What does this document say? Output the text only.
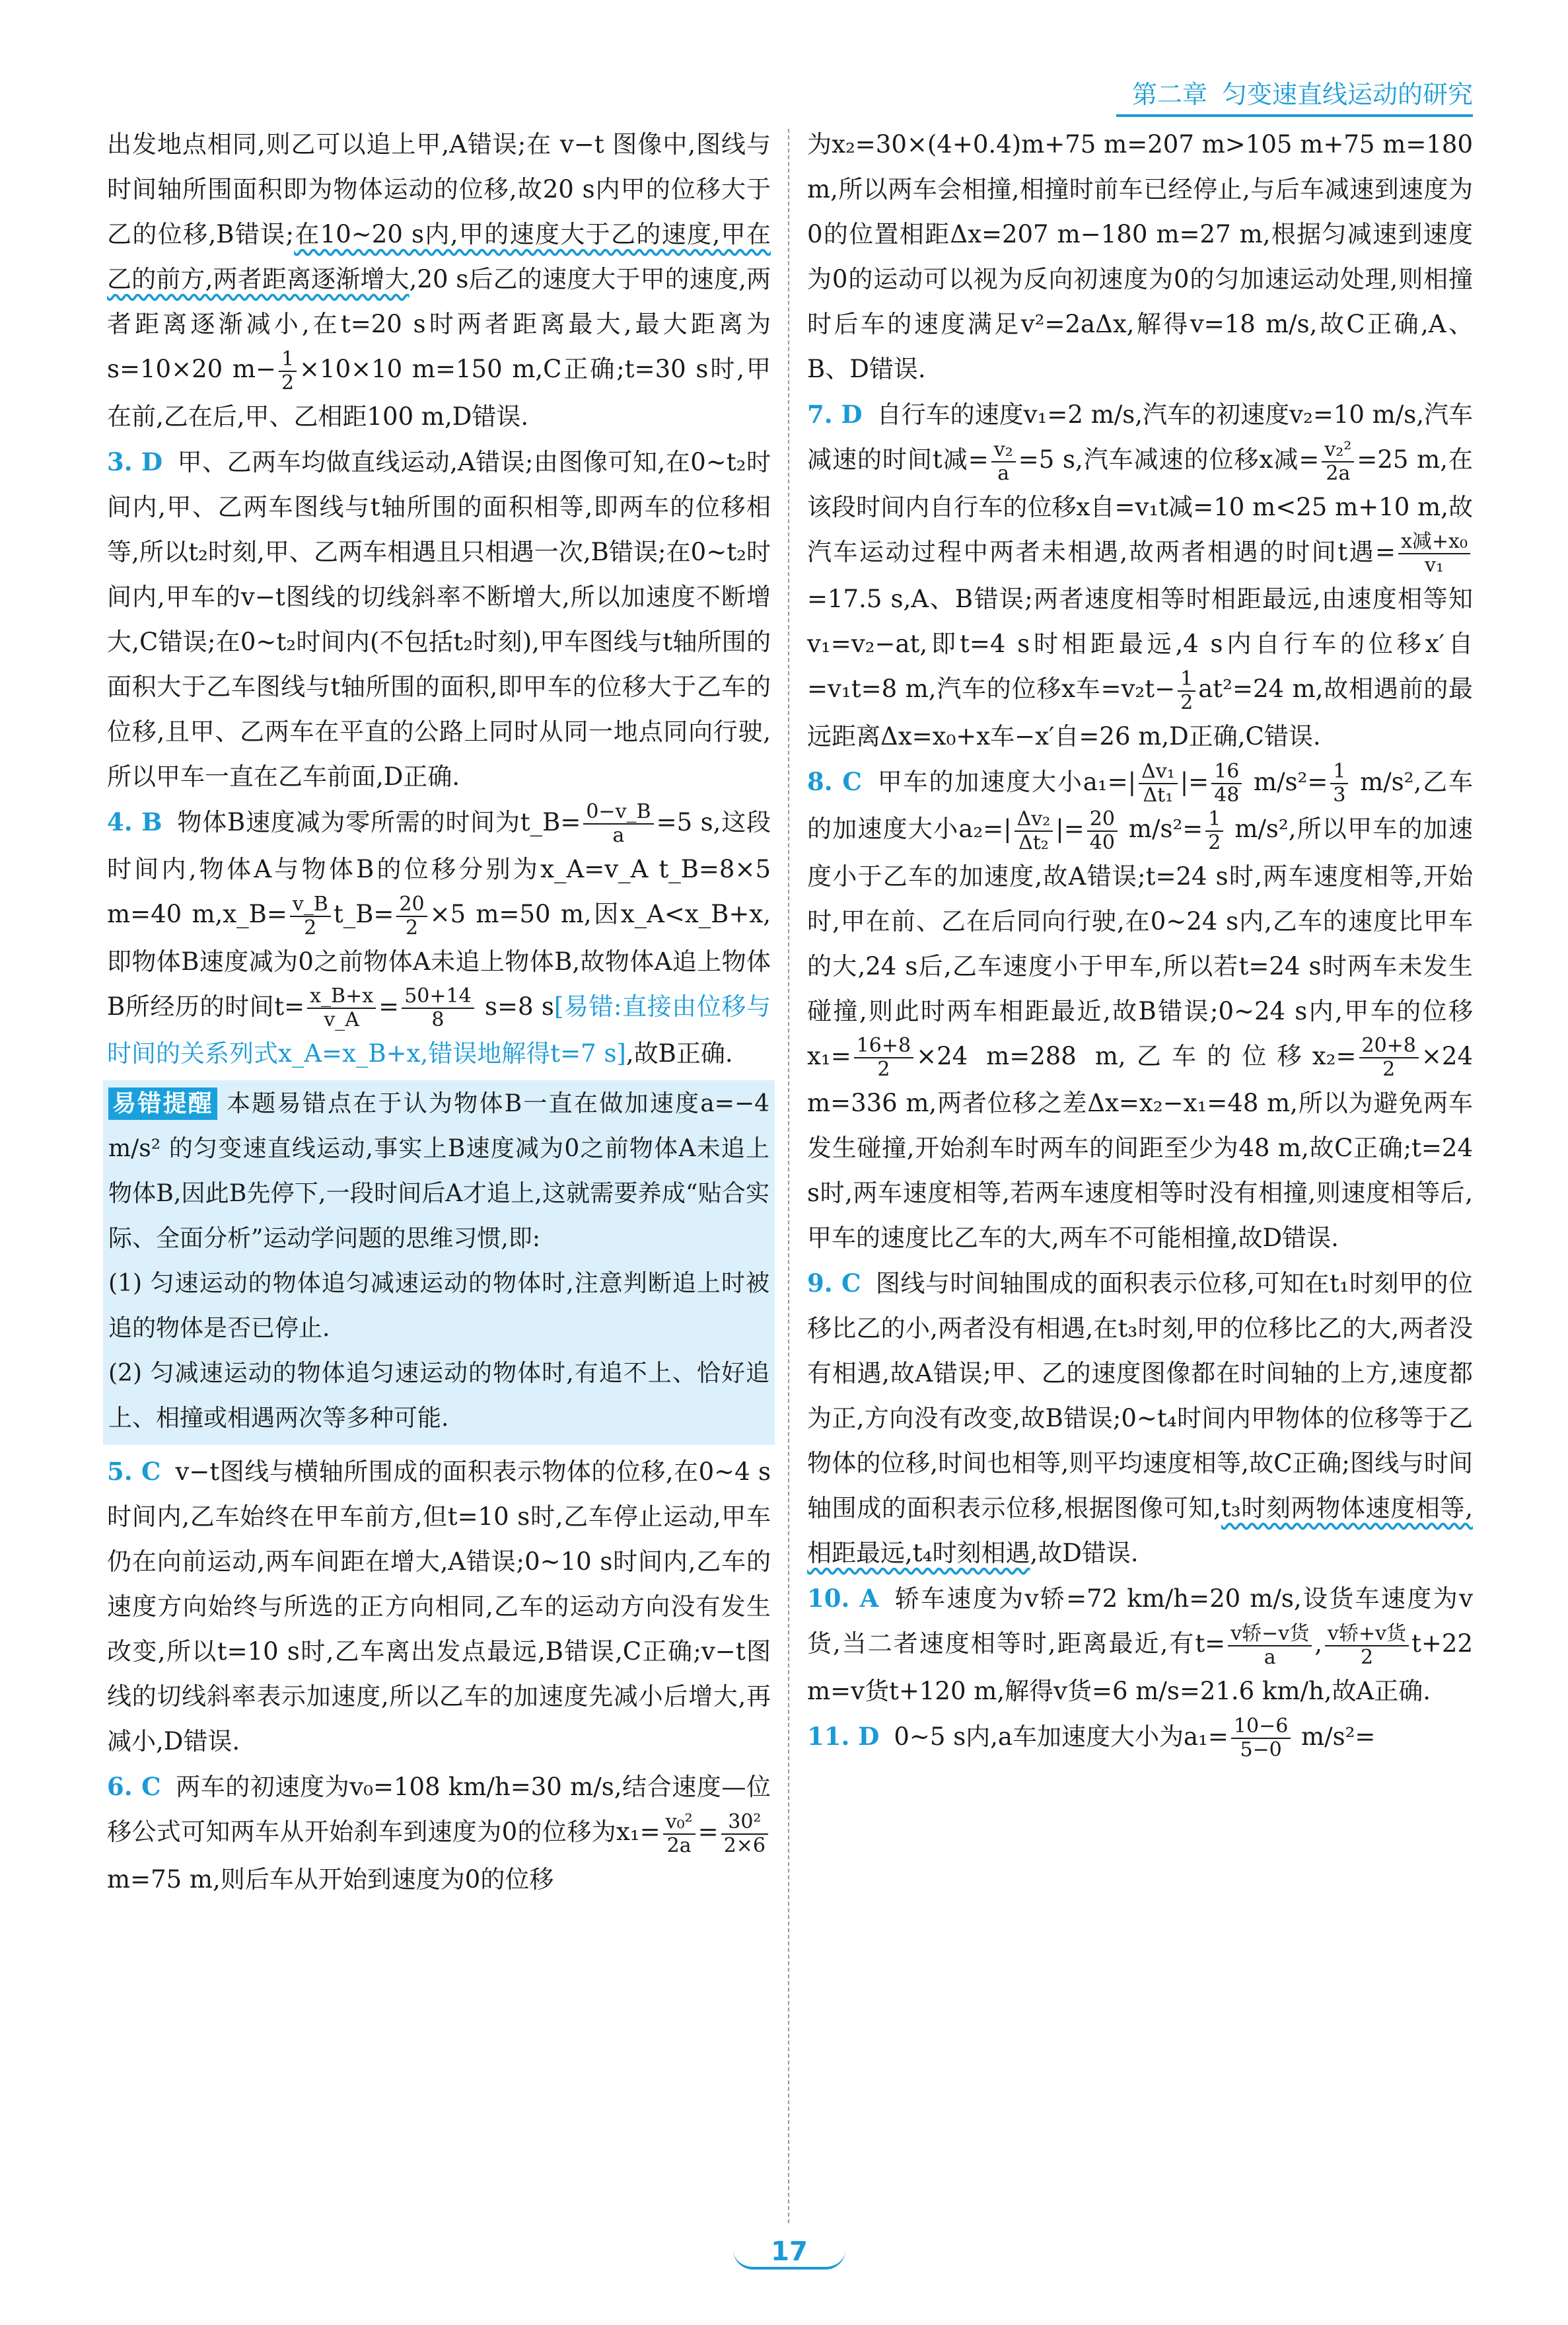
第二章 匀变速直线运动的研究

出发地点相同,则乙可以追上甲,A错误;在 v−t 图像中,图线与时间轴所围面积即为物体运动的位移,故20 s内甲的位移大于乙的位移,B错误;在10~20 s内,甲的速度大于乙的速度,甲在乙的前方,两者距离逐渐增大,20 s后乙的速度大于甲的速度,两者距离逐渐减小,在t=20 s时两者距离最大,最大距离为s=10×20 $m- \frac{1}{2} \times 10\times 10$ m=150 m,C正确;t=30 s时,甲在前,乙在后,甲、乙相距100 m,D错误.

3. D 甲、乙两车均做直线运动,A错误;由图像可知,在0~t₂时间内,甲、乙两车图线与t轴所围的面积相等,即两车的位移相等,所以t₂时刻,甲、乙两车相遇且只相遇一次,B错误;在0~t₂时间内,甲车的v−t图线的切线斜率不断增大,所以加速度不断增大,C错误;在0~t₂时间内(不包括t₂时刻),甲车图线与t轴所围的面积大于乙车图线与t轴所围的面积,即甲车的位移大于乙车的位移,且甲、乙两车在平直的公路上同时从同一地点同向行驶,所以甲车一直在乙车前面,D正确.

4. B 物体B速度减为零所需的时间为t_B= $\frac{0-v\_B}{a} =5$ s,这段时间内,物体A与物体B的位移分别为x_A=v_A t_B=8×5 m=40 m,x_B= $\frac{v\_B}{2}$ t_B= $\frac{20}{2} \times 5$ m=50 m,因x_A<x_B+x,即物体B速度减为0之前物体A未追上物体B,故物体A追上物体B所经历的时间$t= \frac{x\_B+x}{v\_A} = \frac{50+14}{8} s=8$ s[易错:直接由位移与时间的关系列式x_A=x_B+x,错误地解得t=7 s],故B正确.

易错提醒 本题易错点在于认为物体B一直在做加速度a=−4 m/s² 的匀变速直线运动,事实上B速度减为0之前物体A未追上物体B,因此B先停下,一段时间后A才追上,这就需要养成“贴合实际、全面分析”运动学问题的思维习惯,即:

(1) 匀速运动的物体追匀减速运动的物体时,注意判断追上时被追的物体是否已停止.

(2) 匀减速运动的物体追匀速运动的物体时,有追不上、恰好追上、相撞或相遇两次等多种可能.

5. C v−t图线与横轴所围成的面积表示物体的位移,在0~4 s时间内,乙车始终在甲车前方,但t=10 s时,乙车停止运动,甲车仍在向前运动,两车间距在增大,A错误;0~10 s时间内,乙车的速度方向始终与所选的正方向相同,乙车的运动方向没有发生改变,所以t=10 s时,乙车离出发点最远,B错误,C正确;v−t图线的切线斜率表示加速度,所以乙车的加速度先减小后增大,再减小,D错误.

6. C 两车的初速度为v₀=108 km/h=30 m/s,结合速度—位移公式可知两车从开始刹车到速度为0的位移为$x_1= \frac{\text{v₀²}}{2a} = \frac{\text{30²}}{2\times 6}$
m=75 m,则后车从开始到速度为0的位移

为x₂=30×(4+0.4)m+75 m=207 m>105 m+75 m=180 m,所以两车会相撞,相撞时前车已经停止,与后车减速到速度为0的位置相距Δx=207 m−180 m=27 m,根据匀减速到速度为0的运动可以视为反向初速度为0的匀加速运动处理,则相撞时后车的速度满足v²=2aΔx,解得v=18 m/s,故C正确,A、B、D错误.

7. D 自行车的速度v₁=2 m/s,汽车的初速度v₂=10 m/s,汽车减速的时间t减= $\frac{\text{v₂}}{a} =5$ s,汽车减速的位移x减= $\frac{\text{v₂²}}{2a} =25$ m,在该段时间内自行车的位移x自=v₁t减=10 m<25 m+10 m,故汽车运动过程中两者未相遇,故两者相遇的时间t遇= $\frac{\text{x减+x₀}}{\text{v₁}}$
=17.5 s,A、B错误;两者速度相等时相距最远,由速度相等知v₁=v₂−at,即t=4 s时相距最远,4 s内自行车的位移x′自=v₁t=8 m,汽车的位移x车$=v_2t- \frac{1}{2} at^2=24$ m,故相遇前的最远距离Δx=x₀+x车−x′自=26 m,D正确,C错误.

8. C 甲车的加速度大小$a_1=| \frac{\text{Δv₁}}{\text{Δt₁}}$ |= $\frac{16}{48} m/s^2= \frac{1}{3} m/s^2$,乙车的加速度大小$a_2=| \frac{\text{Δv₂}}{\text{Δt₂}}$ |= $\frac{20}{40} m/s^2= \frac{1}{2} m/s^2$,所以甲车的加速度小于乙车的加速度,故A错误;t=24 s时,两车速度相等,开始时,甲在前、乙在后同向行驶,在0~24 s内,乙车的速度比甲车的大,24 s后,乙车速度小于甲车,所以若t=24 s时两车未发生碰撞,则此时两车相距最近,故B错误;0~24 s内,甲车的位移$x_1= \frac{16+8}{2} \times 24$ m=288 m,乙车的位移$x_2= \frac{20+8}{2} \times 24$ m=336 m,两者位移之差Δx=x₂−x₁=48 m,所以为避免两车发生碰撞,开始刹车时两车的间距至少为48 m,故C正确;t=24 s时,两车速度相等,若两车速度相等时没有相撞,则速度相等后,甲车的速度比乙车的大,两车不可能相撞,故D错误.

9. C 图线与时间轴围成的面积表示位移,可知在t₁时刻甲的位移比乙的小,两者没有相遇,在t₃时刻,甲的位移比乙的大,两者没有相遇,故A错误;甲、乙的速度图像都在时间轴的上方,速度都为正,方向没有改变,故B错误;0~t₄时间内甲物体的位移等于乙物体的位移,时间也相等,则平均速度相等,故C正确;图线与时间轴围成的面积表示位移,根据图像可知,t₃时刻两物体速度相等,相距最远,t₄时刻相遇,故D错误.

10. A 轿车速度为v轿=72 km/h=20 m/s,设货车速度为v货,当二者速度相等时,距离最近,有$t= \frac{\text{v轿−v货}}{a}$ , $\frac{\text{v轿+v货}}{2} t+22$ m=v货t+120 m,解得v货=6 m/s=21.6 km/h,故A正确.

11. D 0~5 s内,a车加速度大小为$a_1= \frac{10-6}{5-0} m/s^2=$

17
